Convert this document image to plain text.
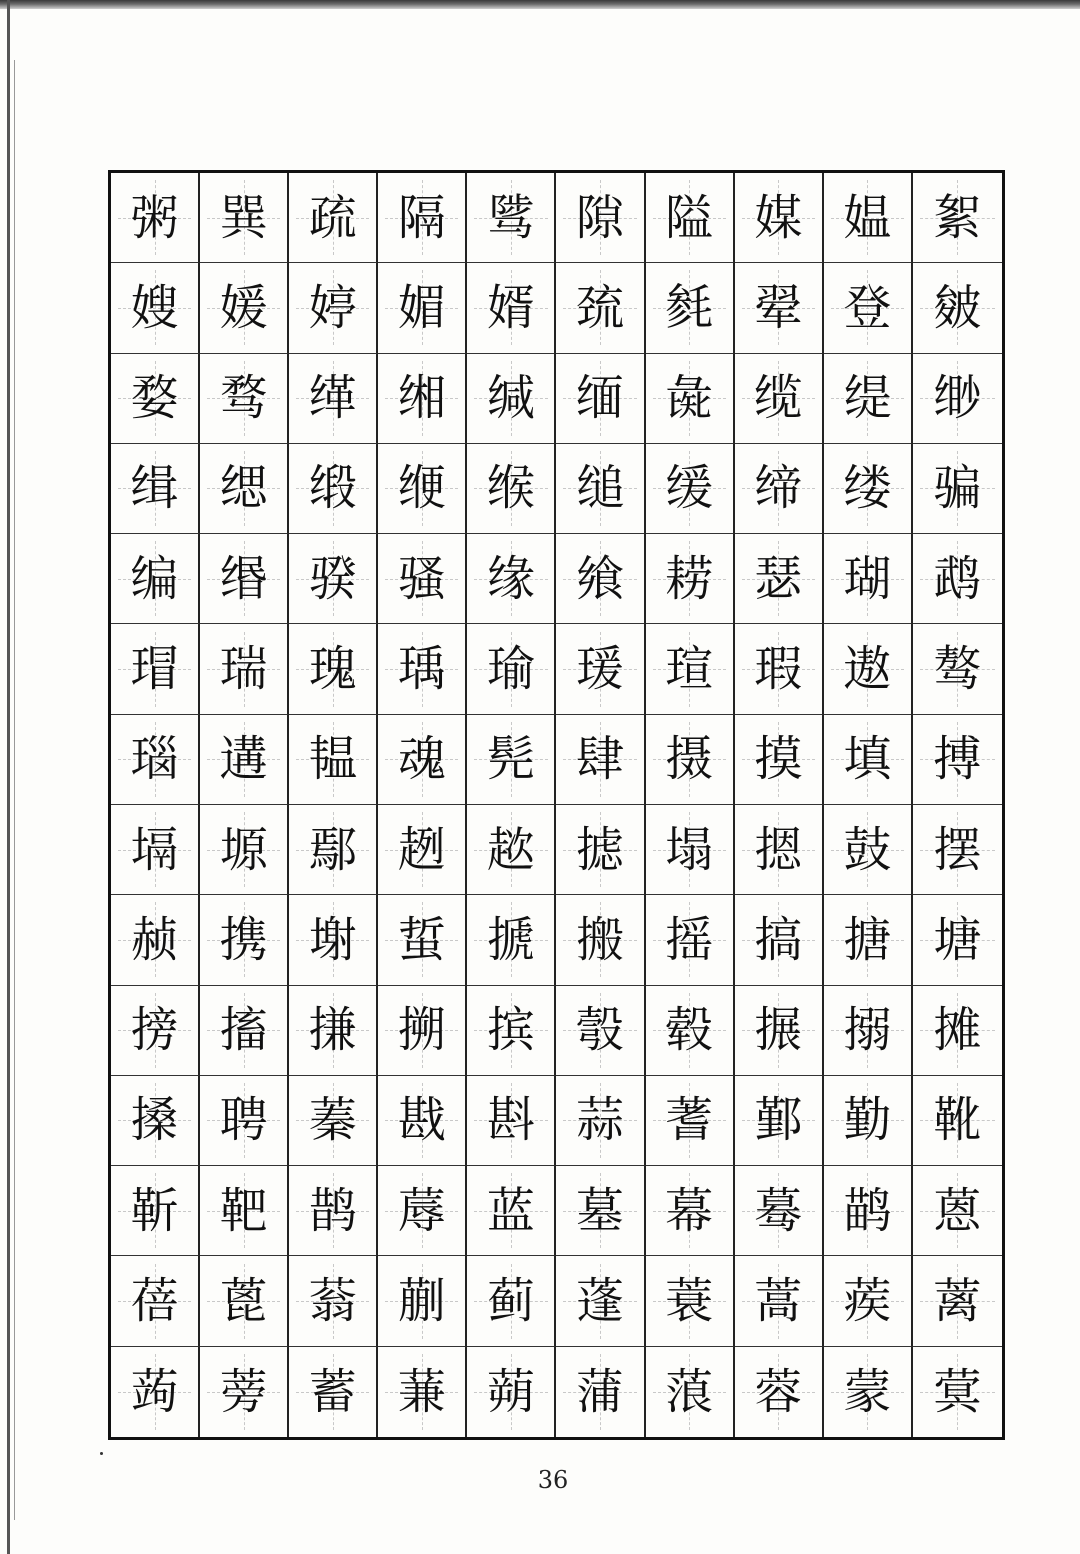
粥 巽 疏 隔 骘 隙 隘 媒 媪 絮
嫂 媛 婷 媚 婿 巯 毵 翚 登 皴
婺 骛 缂 缃 缄 缅 彘 缆 缇 缈
缉 缌 缎 缏 缑 缒 缓 缔 缕 骗
编 缗 骙 骚 缘 飨 耢 瑟 瑚 鹉
瑁 瑞 瑰 瑀 瑜 瑗 瑄 瑕 遨 骜
瑙 遘 韫 魂 髡 肆 摄 摸 填 搏
塥 塬 鄢 趔 趑 摅 塌 摁 鼓 摆
赪 携 塮 蜇 搋 搬 摇 搞 搪 塘
搒 搐 搛 搠 摈 彀 毂 搌 搦 摊
搡 聘 蓁 戡 斟 蒜 蓍 鄞 勤 靴
靳 靶 鹊 蓐 蓝 墓 幕 蓦 鹋 蒽
蓓 蓖 蓊 蒯 蓟 蓬 蓑 蒿 蒺 蓠
蒟 蒡 蓄 蒹 蒴 蒲 蒗 蓉 蒙 蓂
36
